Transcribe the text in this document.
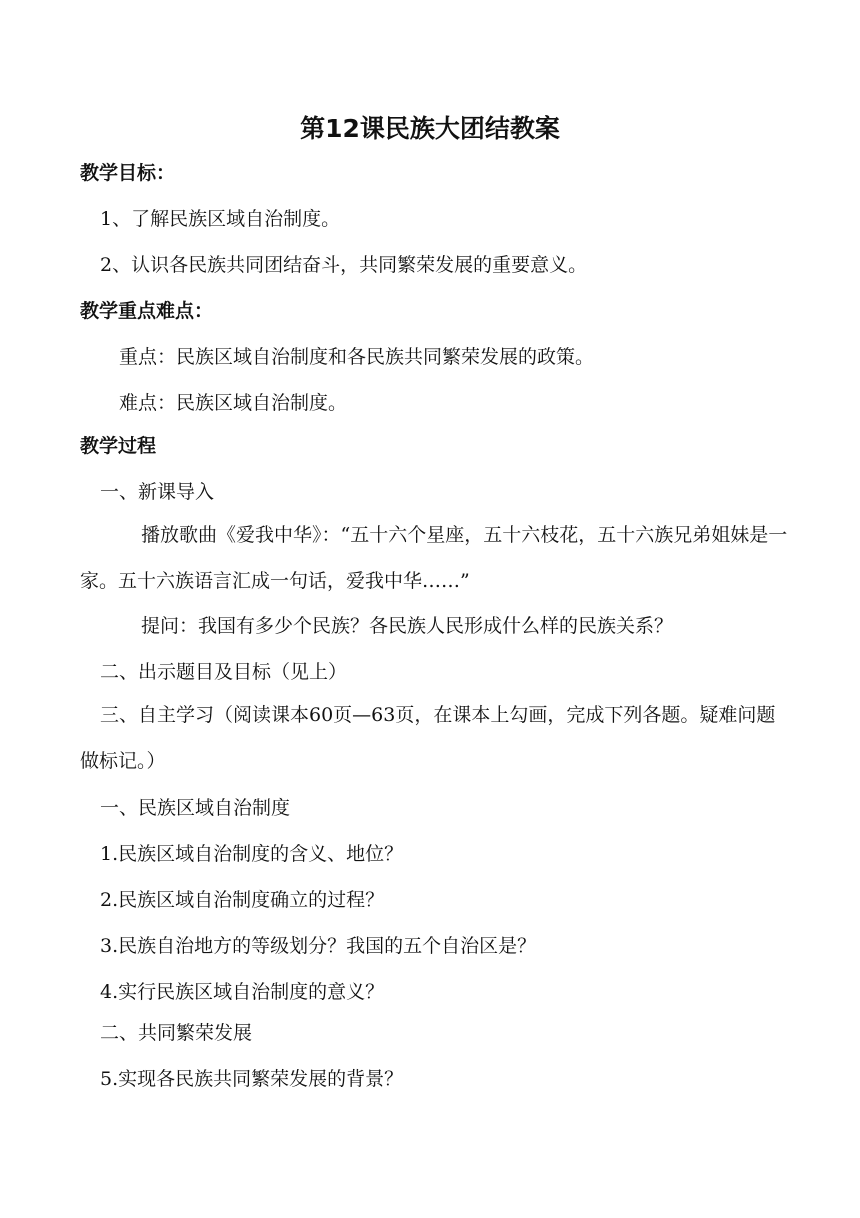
第12课民族大团结教案
教学目标：
1、了解民族区域自治制度。
2、认识各民族共同团结奋斗，共同繁荣发展的重要意义。
教学重点难点：
重点：民族区域自治制度和各民族共同繁荣发展的政策。
难点：民族区域自治制度。
教学过程
一、新课导入
播放歌曲《爱我中华》：“五十六个星座，五十六枝花，五十六族兄弟姐妹是一家。五十六族语言汇成一句话，爱我中华……”
提问：我国有多少个民族？各民族人民形成什么样的民族关系？
二、出示题目及目标（见上）
三、自主学习（阅读课本60页—63页，在课本上勾画，完成下列各题。疑难问题做标记。）
一、民族区域自治制度
1.民族区域自治制度的含义、地位？
2.民族区域自治制度确立的过程？
3.民族自治地方的等级划分？我国的五个自治区是？
4.实行民族区域自治制度的意义？
二、共同繁荣发展
5.实现各民族共同繁荣发展的背景？
